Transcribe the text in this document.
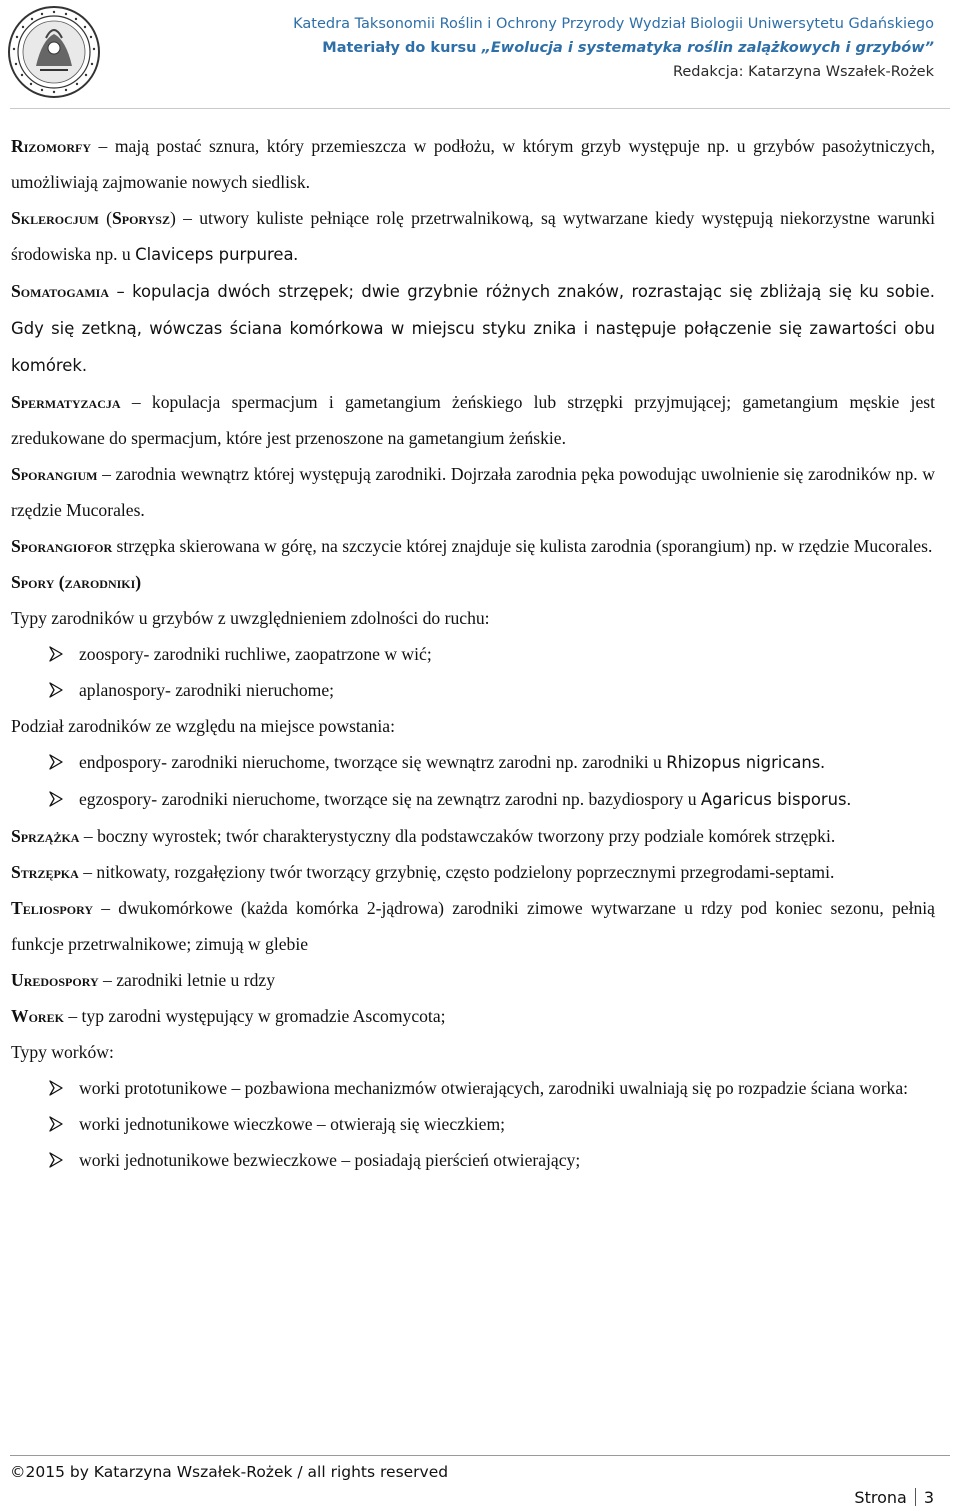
Katedra Taksonomii Roślin i Ochrony Przyrody Wydział Biologii Uniwersytetu Gdańskiego
Materiały do kursu „Ewolucja i systematyka roślin zalążkowych i grzybów”
Redakcja: Katarzyna Wszałek-Rożek

Rizomorfy – mają postać sznura, który przemieszcza w podłożu, w którym grzyb występuje np. u grzybów pasożytniczych, umożliwiają zajmowanie nowych siedlisk.

Sklerocjum (Sporysz) – utwory kuliste pełniące rolę przetrwalnikową, są wytwarzane kiedy występują niekorzystne warunki środowiska np. u Claviceps purpurea.

Somatogamia – kopulacja dwóch strzępek; dwie grzybnie różnych znaków, rozrastając się zbliżają się ku sobie. Gdy się zetkną, wówczas ściana komórkowa w miejscu styku znika i następuje połączenie się zawartości obu komórek.

Spermatyzacja – kopulacja spermacjum i gametangium żeńskiego lub strzępki przyjmującej; gametangium męskie jest zredukowane do spermacjum, które jest przenoszone na gametangium żeńskie.

Sporangium – zarodnia wewnątrz której występują zarodniki. Dojrzała zarodnia pęka powodując uwolnienie się zarodników np. w rzędzie Mucorales.

Sporangiofor strzępka skierowana w górę, na szczycie której znajduje się kulista zarodnia (sporangium) np. w rzędzie Mucorales.

Spory (zarodniki)

Typy zarodników u grzybów z uwzględnieniem zdolności do ruchu:

zoospory- zarodniki ruchliwe, zaopatrzone w wić;

aplanospory- zarodniki nieruchome;

Podział zarodników ze względu na miejsce powstania:

endpospory- zarodniki nieruchome, tworzące się wewnątrz zarodni np. zarodniki u Rhizopus nigricans.

egzospory- zarodniki nieruchome, tworzące się na zewnątrz zarodni np. bazydiospory u Agaricus bisporus.

Sprzążka – boczny wyrostek; twór charakterystyczny dla podstawczaków tworzony przy podziale komórek strzępki.

Strzępka – nitkowaty, rozgałęziony twór tworzący grzybnię, często podzielony poprzecznymi przegrodami-septami.

Teliospory – dwukomórkowe (każda komórka 2-jądrowa) zarodniki zimowe wytwarzane u rdzy pod koniec sezonu, pełnią funkcje przetrwalnikowe; zimują w glebie

Uredospory – zarodniki letnie u rdzy

Worek – typ zarodni występujący w gromadzie Ascomycota;

Typy worków:

worki prototunikowe – pozbawiona mechanizmów otwierających, zarodniki uwalniają się po rozpadzie ściana worka:

worki jednotunikowe wieczkowe – otwierają się wieczkiem;

worki jednotunikowe bezwieczkowe – posiadają pierścień otwierający;

©2015 by Katarzyna Wszałek-Rożek / all rights reserved
Strona 3
